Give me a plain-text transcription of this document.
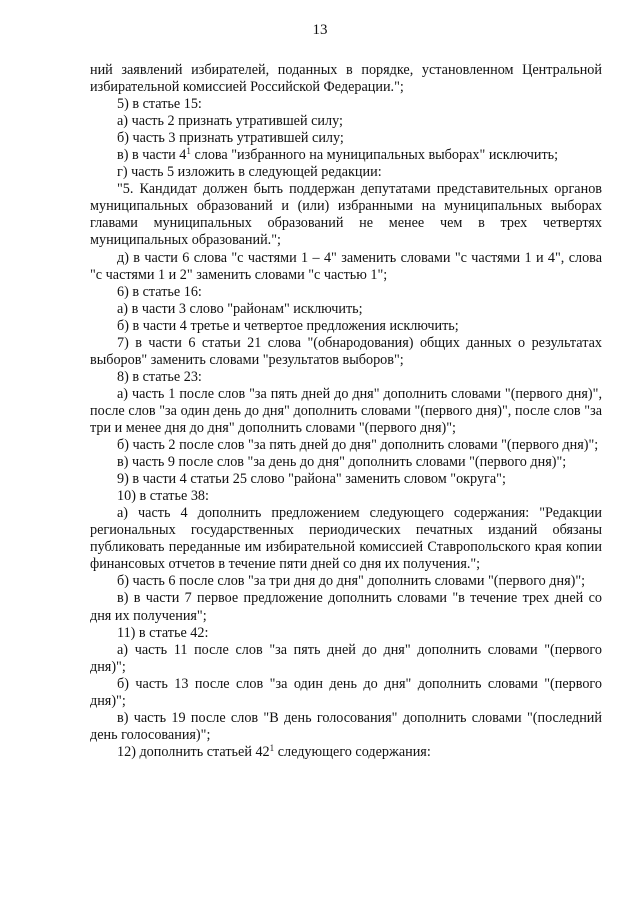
13

ний заявлений избирателей, поданных в порядке, установленном Центральной избирательной комиссией Российской Федерации.";

5) в статье 15:

а) часть 2 признать утратившей силу;

б) часть 3 признать утратившей силу;

в) в части $4^1$ слова "избранного на муниципальных выборах" исключить;

г) часть 5 изложить в следующей редакции:

"5. Кандидат должен быть поддержан депутатами представительных органов муниципальных образований и (или) избранными на муниципальных выборах главами муниципальных образований не менее чем в трех четвертях муниципальных образований.";

д) в части 6 слова "с частями 1 – 4" заменить словами "с частями 1 и 4", слова "с частями 1 и 2" заменить словами "с частью 1";

6) в статье 16:

а) в части 3 слово "районам" исключить;

б) в части 4 третье и четвертое предложения исключить;

7) в части 6 статьи 21 слова "(обнародования) общих данных о результатах выборов" заменить словами "результатов выборов";

8) в статье 23:

а) часть 1 после слов "за пять дней до дня" дополнить словами "(первого дня)", после слов "за один день до дня" дополнить словами "(первого дня)", после слов "за три и менее дня до дня" дополнить словами "(первого дня)";

б) часть 2 после слов "за пять дней до дня" дополнить словами "(первого дня)";

в) часть 9 после слов "за день до дня" дополнить словами "(первого дня)";

9) в части 4 статьи 25 слово "района" заменить словом "округа";

10) в статье 38:

а) часть 4 дополнить предложением следующего содержания: "Редакции региональных государственных периодических печатных изданий обязаны публиковать переданные им избирательной комиссией Ставропольского края копии финансовых отчетов в течение пяти дней со дня их получения.";

б) часть 6 после слов "за три дня до дня" дополнить словами "(первого дня)";

в) в части 7 первое предложение дополнить словами "в течение трех дней со дня их получения";

11) в статье 42:

а) часть 11 после слов "за пять дней до дня" дополнить словами "(первого дня)";

б) часть 13 после слов "за один день до дня" дополнить словами "(первого дня)";

в) часть 19 после слов "В день голосования" дополнить словами "(последний день голосования)";

12) дополнить статьей $42^1$ следующего содержания:
